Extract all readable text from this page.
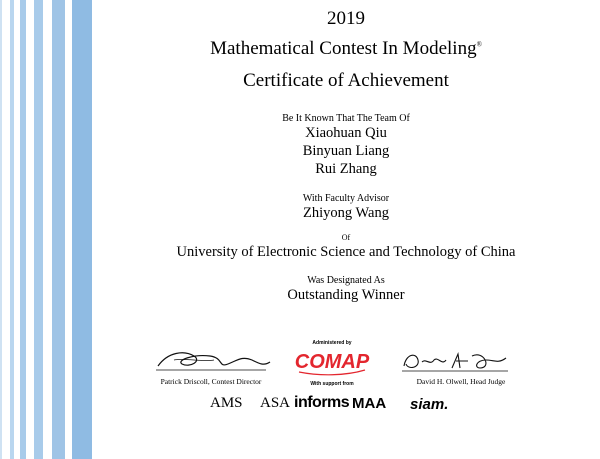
2019
Mathematical Contest In Modeling®
Certificate of Achievement
Be It Known That The Team Of
Xiaohuan Qiu
Binyuan Liang
Rui Zhang
With Faculty Advisor
Zhiyong Wang
Of
University of Electronic Science and Technology of China
Was Designated As
Outstanding Winner
Patrick Driscoll, Contest Director
Administered by
COMAP
With support from	David H. Olwell, Head Judge
AMS ASA informs MAA siam.
